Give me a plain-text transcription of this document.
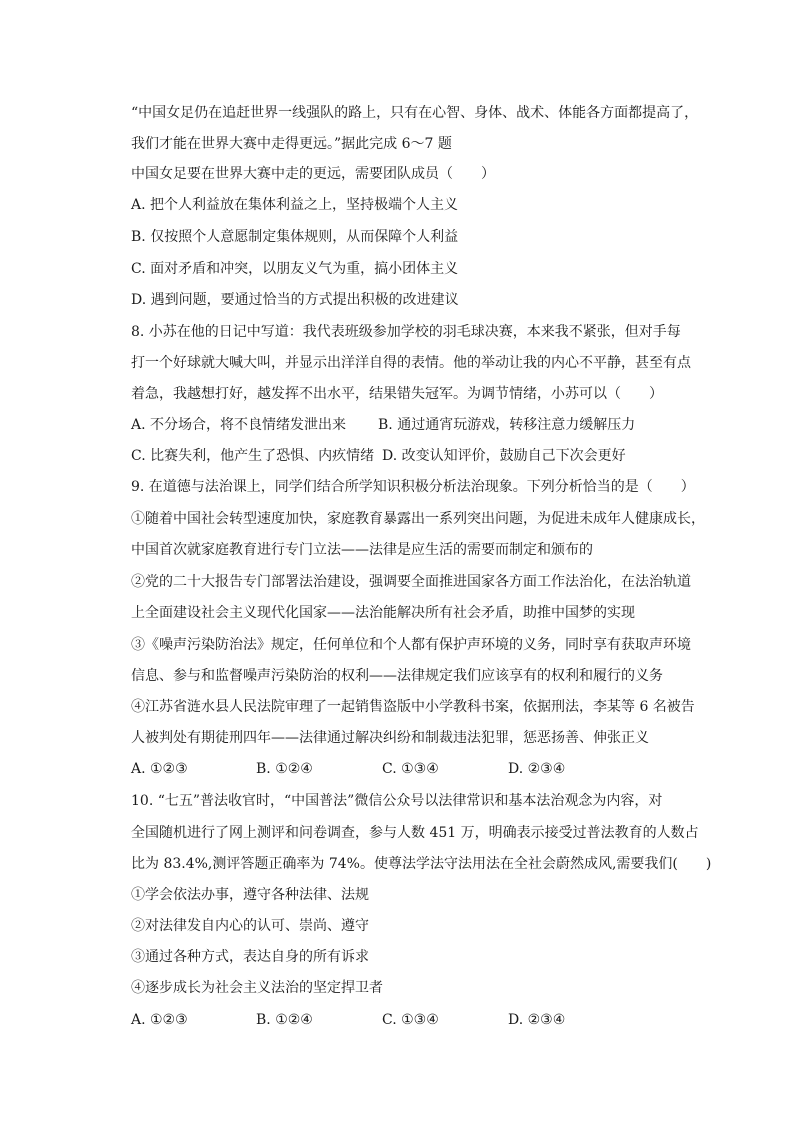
“中国女足仍在追赶世界一线强队的路上，只有在心智、身体、战术、体能各方面都提高了，
我们才能在世界大赛中走得更远。”据此完成 6～7 题
中国女足要在世界大赛中走的更远，需要团队成员（　　）
A. 把个人利益放在集体利益之上，坚持极端个人主义
B. 仅按照个人意愿制定集体规则，从而保障个人利益
C. 面对矛盾和冲突，以朋友义气为重，搞小团体主义
D. 遇到问题，要通过恰当的方式提出积极的改进建议
8. 小苏在他的日记中写道：我代表班级参加学校的羽毛球决赛，本来我不紧张，但对手每
打一个好球就大喊大叫，并显示出洋洋自得的表情。他的举动让我的内心不平静，甚至有点
着急，我越想打好，越发挥不出水平，结果错失冠军。为调节情绪，小苏可以（　　）
A. 不分场合，将不良情绪发泄出来 B. 通过通宵玩游戏，转移注意力缓解压力
C. 比赛失利，他产生了恐惧、内疚情绪 D. 改变认知评价，鼓励自己下次会更好
9. 在道德与法治课上，同学们结合所学知识积极分析法治现象。下列分析恰当的是（　　）
①随着中国社会转型速度加快，家庭教育暴露出一系列突出问题，为促进未成年人健康成长，
中国首次就家庭教育进行专门立法——法律是应生活的需要而制定和颁布的
②党的二十大报告专门部署法治建设，强调要全面推进国家各方面工作法治化，在法治轨道
上全面建设社会主义现代化国家——法治能解决所有社会矛盾，助推中国梦的实现
③《噪声污染防治法》规定，任何单位和个人都有保护声环境的义务，同时享有获取声环境
信息、参与和监督噪声污染防治的权利——法律规定我们应该享有的权利和履行的义务
④江苏省涟水县人民法院审理了一起销售盗版中小学教科书案，依据刑法，李某等 6 名被告
人被判处有期徒刑四年——法律通过解决纠纷和制裁违法犯罪，惩恶扬善、伸张正义
A. ①②③	B. ①②④	C. ①③④	D. ②③④
10. “七五”普法收官时，“中国普法”微信公众号以法律常识和基本法治观念为内容，对
全国随机进行了网上测评和问卷调查，参与人数 451 万，明确表示接受过普法教育的人数占
比为 83.4%,测评答题正确率为 74%。使尊法学法守法用法在全社会蔚然成风,需要我们(　　)
①学会依法办事，遵守各种法律、法规
②对法律发自内心的认可、崇尚、遵守
③通过各种方式，表达自身的所有诉求
④逐步成长为社会主义法治的坚定捍卫者
A. ①②③	B. ①②④	C. ①③④	D. ②③④
